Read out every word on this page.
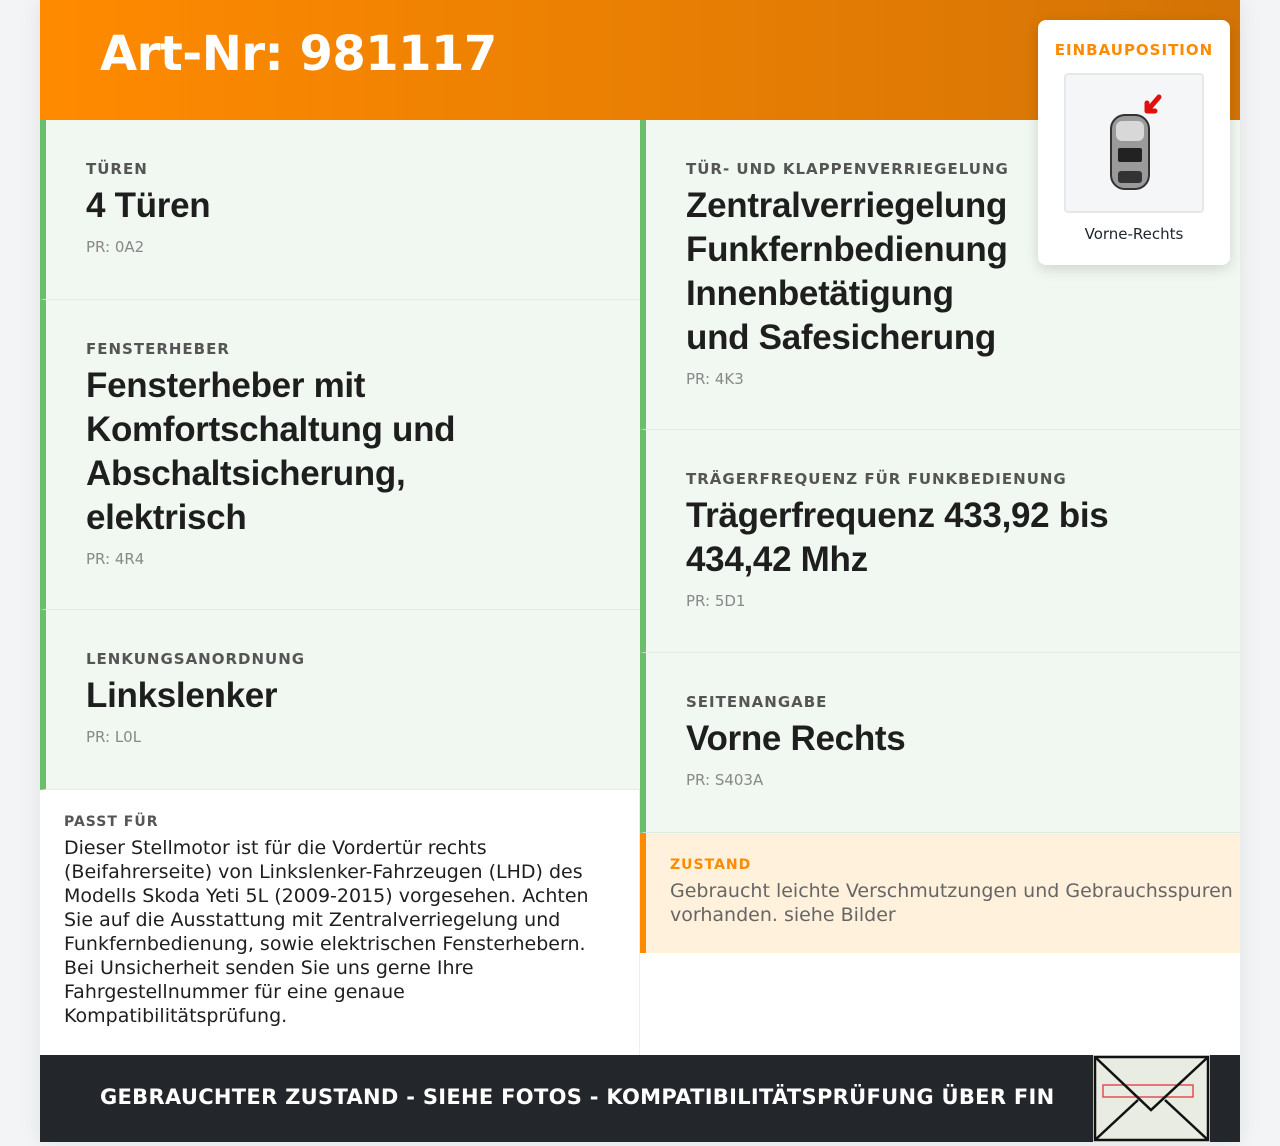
Art-Nr: 981117
TÜREN
4 Türen
PR: 0A2
FENSTERHEBER
Fensterheber mit Komfortschaltung und Abschaltsicherung, elektrisch
PR: 4R4
LENKUNGSANORDNUNG
Linkslenker
PR: L0L
TÜR- UND KLAPPENVERRIEGELUNG
Zentralverriegelung Funkfernbedienung Innenbetätigung und Safesicherung
PR: 4K3
TRÄGERFREQUENZ FÜR FUNKBEDIENUNG
Trägerfrequenz 433,92 bis 434,42 Mhz
PR: 5D1
SEITENANGABE
Vorne Rechts
PR: S403A
EINBAUPOSITION
Vorne-Rechts
PASST FÜR

Dieser Stellmotor ist für die Vordertür rechts (Beifahrerseite) von Linkslenker-Fahrzeugen (LHD) des Modells Skoda Yeti 5L (2009-2015) vorgesehen. Achten Sie auf die Ausstattung mit Zentralverriegelung und Funkfernbedienung, sowie elektrischen Fensterhebern. Bei Unsicherheit senden Sie uns gerne Ihre Fahrgestellnummer für eine genaue Kompatibilitätsprüfung.

ZUSTAND

Gebraucht leichte Verschmutzungen und Gebrauchsspuren vorhanden. siehe Bilder

GEBRAUCHTER ZUSTAND - SIEHE FOTOS - KOMPATIBILITÄTSPRÜFUNG ÜBER FIN
